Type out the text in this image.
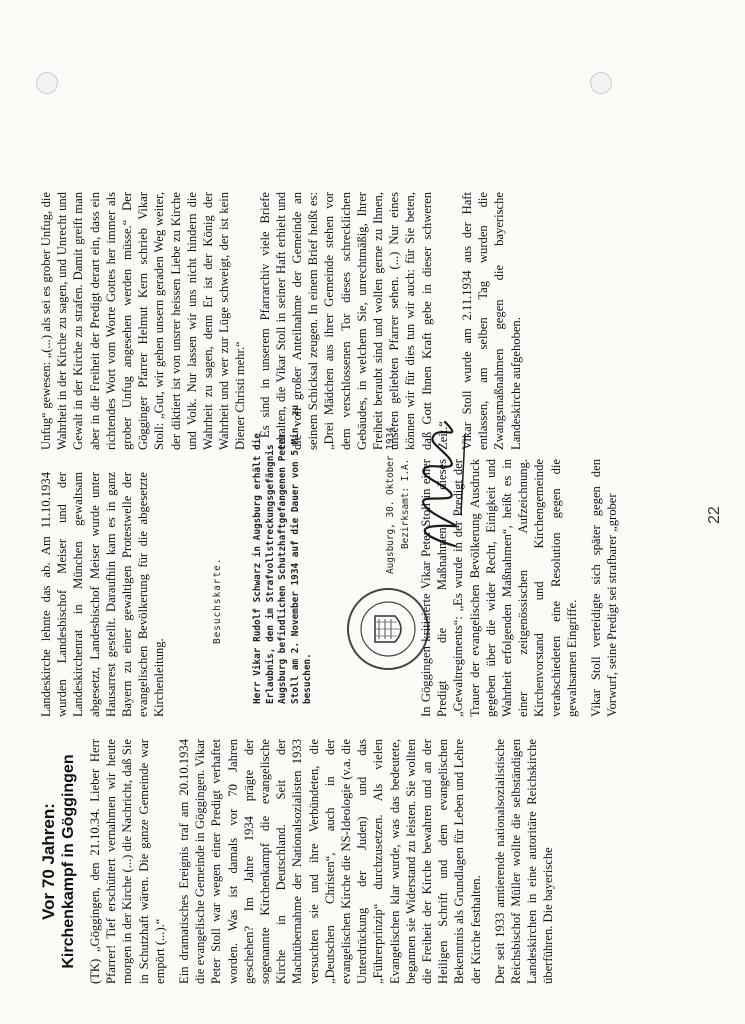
Vor 70 Jahren: Kirchenkampf in Göggingen (TK) „Göggingen, den 21.10.34. Lieber Herr Pfarrer! Tief erschüttert vernahmen wir heute morgen in der Kirche (...) die Nachricht, daß Sie in Schutzhaft wären. Die ganze Gemeinde war empört (...).“ Ein dramatisches Ereignis traf am 20.10.1934 die evangelische Gemeinde in Göggingen. Vikar Peter Stoll war wegen einer Predigt verhaftet worden. Was ist damals vor 70 Jahren geschehen? Im Jahre 1934 prägte der sogenannte Kirchenkampf die evangelische Kirche in Deutschland. Seit der Machtübernahme der Nationalsozialisten 1933 versuchten sie und ihre Verbündeten, die „Deutschen Christen“, auch in der evangelischen Kirche die NS-Ideologie (v.a. die Unterdrückung der Juden) und das „Führerprinzip“ durchzusetzen. Als vielen Evangelischen klar wurde, was das bedeutete, begannen sie Widerstand zu leisten. Sie wollten die Freiheit der Kirche bewahren und an der Heiligen Schrift und dem evangelischen Bekenntnis als Grundlagen für Leben und Lehre der Kirche festhalten. Der seit 1933 amtierende nationalsozialistische Reichsbischof Müller wollte die selbständigen Landeskirchen in eine autoritäre Reichskirche überführen. Die bayerische

Landeskirche lehnte das ab. Am 11.10.1934 wurden Landesbischof Meiser und der Landeskirchenrat in München gewaltsam abgesetzt, Landesbischof Meiser wurde unter Hausarrest gestellt. Daraufhin kam es in ganz Bayern zu einer gewaltigen Protestwelle der evangelischen Bevölkerung für die abgesetzte Kirchenleitung.

Besuchskarte.	Herr Vikar Rudolf Schwarz in Augsburg erhält die Erlaubnis, den im Strafvollstreckungsgefängnis Augsburg befindlichen Schutzhaftgefangenen Peter Stoll am 2. November 1934 auf die Dauer von 5 Min. zu besuchen.
Augsburg, 30. Oktober 1934. Bezirksamt: I.A. In Göggingen kritisierte Vikar Peter Stoll in einer Predigt die Maßnahmen dieses „Gewaltregiments“: „Es wurde in der Predigt der Trauer der evangelischen Bevölkerung Ausdruck gegeben über die wider Recht, Einigkeit und Wahrheit erfolgenden Maßnahmen“, heißt es in einer zeitgenössischen Aufzeichnung. Kirchenvorstand und Kirchengemeinde verabschiedeten eine Resolution gegen die gewaltsamen Eingriffe. Vikar Stoll verteidigte sich später gegen den Vorwurf, seine Predigt sei strafbarer „grober

Unfug“ gewesen: „(...) als sei es grober Unfug, die Wahrheit in der Kirche zu sagen, und Unrecht und Gewalt in der Kirche zu strafen. Damit greift man aber in die Freiheit der Predigt derart ein, dass ein richtendes Wort vom Worte Gottes her immer als grober Unfug angesehen werden müsse.“ Der Gögginger Pfarrer Helmut Kern schrieb Vikar Stoll: „Gut, wir gehen unsern geraden Weg weiter, der diktiert ist von unsrer heissen Liebe zu Kirche und Volk. Nur lassen wir uns nicht hindern die Wahrheit zu sagen, denn Er ist der König der Wahrheit und wer zur Lüge schweigt, der ist kein Diener Christi mehr.“ Es sind in unserem Pfarrarchiv viele Briefe erhalten, die Vikar Stoll in seiner Haft erhielt und die von großer Anteilnahme der Gemeinde an seinem Schicksal zeugen. In einem Brief heißt es: „Drei Mädchen aus ihrer Gemeinde stehen vor dem verschlossenen Tor dieses schrecklichen Gebäudes, in welchem Sie, unrechtmäßig, Ihrer Freiheit beraubt sind und wollen gerne zu Ihnen, unseren geliebten Pfarrer sehen. (...) Nur eines können wir für dies tun wir auch: für Sie beten, daß Gott Ihnen Kraft gebe in dieser schweren Zeit.“ Vikar Stoll wurde am 2.11.1934 aus der Haft entlassen, am selben Tag wurden die Zwangsmaßnahmen gegen die bayerische Landeskirche aufgehoben.

22
